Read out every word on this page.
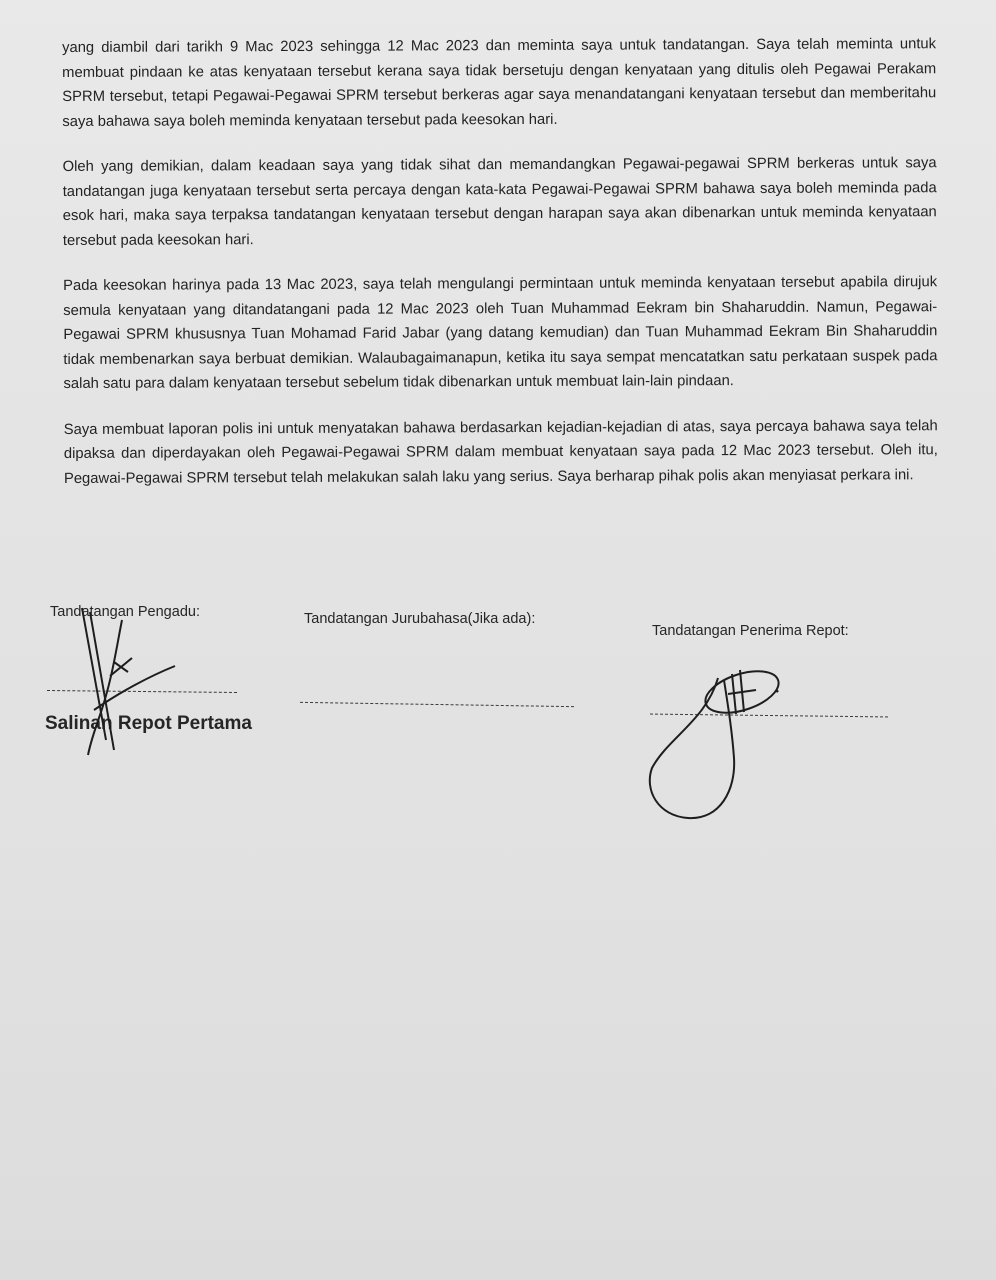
yang diambil dari tarikh 9 Mac 2023 sehingga 12 Mac 2023 dan meminta saya untuk tandatangan. Saya telah meminta untuk membuat pindaan ke atas kenyataan tersebut kerana saya tidak bersetuju dengan kenyataan yang ditulis oleh Pegawai Perakam SPRM tersebut, tetapi Pegawai-Pegawai SPRM tersebut berkeras agar saya menandatangani kenyataan tersebut dan memberitahu saya bahawa saya boleh meminda kenyataan tersebut pada keesokan hari.

Oleh yang demikian, dalam keadaan saya yang tidak sihat dan memandangkan Pegawai-pegawai SPRM berkeras untuk saya tandatangan juga kenyataan tersebut serta percaya dengan kata-kata Pegawai-Pegawai SPRM bahawa saya boleh meminda pada esok hari, maka saya terpaksa tandatangan kenyataan tersebut dengan harapan saya akan dibenarkan untuk meminda kenyataan tersebut pada keesokan hari.

Pada keesokan harinya pada 13 Mac 2023, saya telah mengulangi permintaan untuk meminda kenyataan tersebut apabila dirujuk semula kenyataan yang ditandatangani pada 12 Mac 2023 oleh Tuan Muhammad Eekram bin Shaharuddin. Namun, Pegawai-Pegawai SPRM khususnya Tuan Mohamad Farid Jabar (yang datang kemudian) dan Tuan Muhammad Eekram Bin Shaharuddin tidak membenarkan saya berbuat demikian. Walaubagaimanapun, ketika itu saya sempat mencatatkan satu perkataan suspek pada salah satu para dalam kenyataan tersebut sebelum tidak dibenarkan untuk membuat lain-lain pindaan.

Saya membuat laporan polis ini untuk menyatakan bahawa berdasarkan kejadian-kejadian di atas, saya percaya bahawa saya telah dipaksa dan diperdayakan oleh Pegawai-Pegawai SPRM dalam membuat kenyataan saya pada 12 Mac 2023 tersebut. Oleh itu, Pegawai-Pegawai SPRM tersebut telah melakukan salah laku yang serius. Saya berharap pihak polis akan menyiasat perkara ini.

Tandatangan Pengadu:
Salinan Repot Pertama
Tandatangan Jurubahasa(Jika ada):
Tandatangan Penerima Repot:
